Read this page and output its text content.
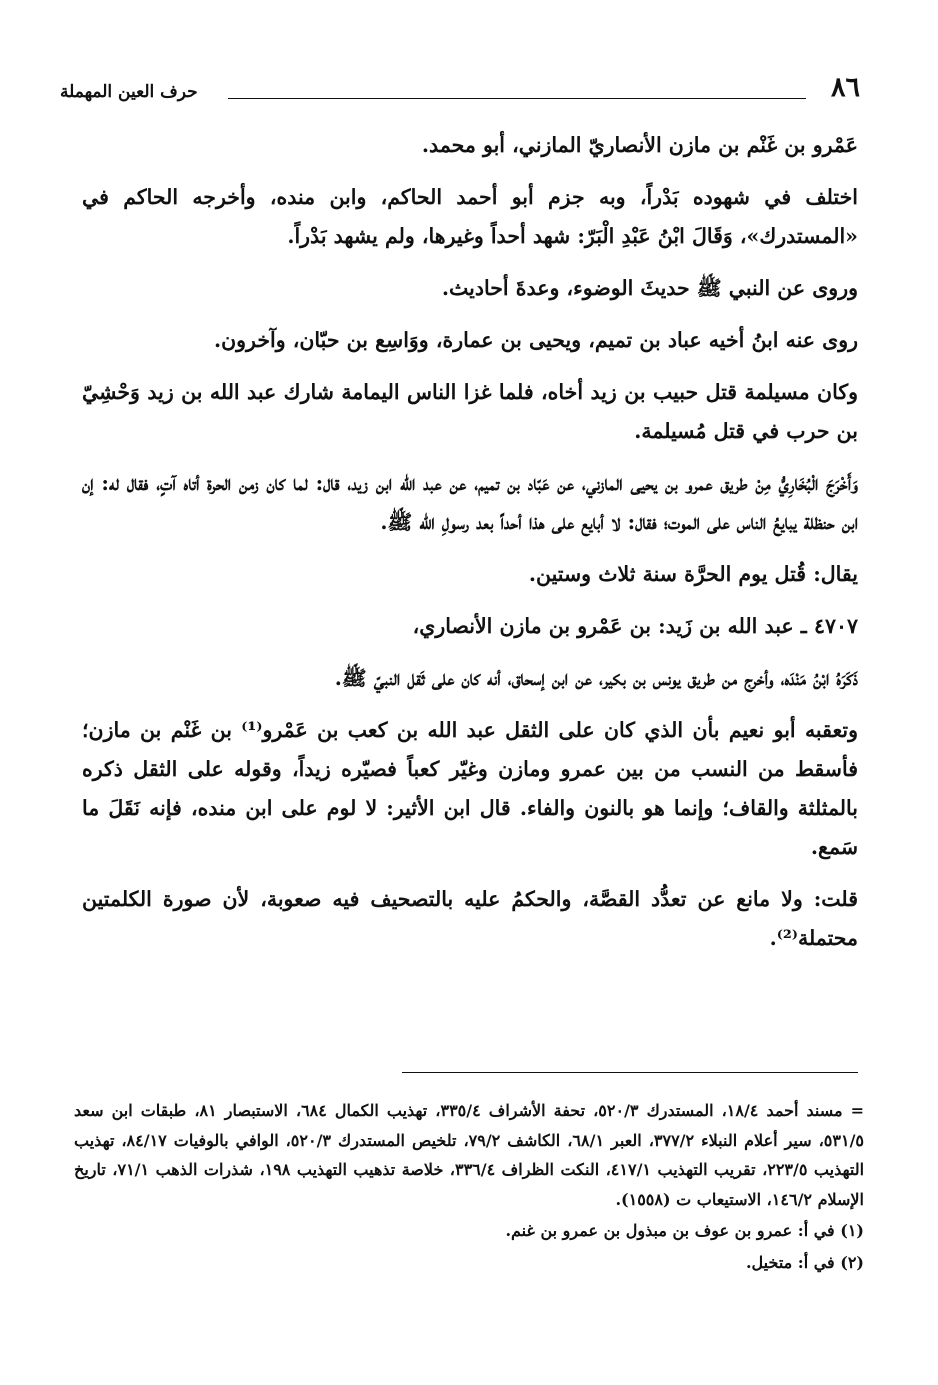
٨٦
حرف العين المهملة

عَمْرو بن غَنْم بن مازن الأنصاريّ المازني، أبو محمد.

اختلف في شهوده بَدْراً، وبه جزم أبو أحمد الحاكم، وابن منده، وأخرجه الحاكم في «المستدرك»، وَقَالَ ابْنُ عَبْدِ الْبَرّ: شهد أحداً وغيرها، ولم يشهد بَدْراً.

وروى عن النبي ﷺ حديثَ الوضوء، وعدةَ أحاديث.

روى عنه ابنُ أخيه عباد بن تميم، ويحيى بن عمارة، ووَاسِع بن حبّان، وآخرون.

وكان مسيلمة قتل حبيب بن زيد أخاه، فلما غزا الناس اليمامة شارك عبد الله بن زيد وَحْشِيّ بن حرب في قتل مُسيلمة.

وَأَخْرَجَ الْبُخَارِيُّ مِنْ طريق عمرو بن يحيى المازني، عن عَبّاد بن تميم، عن عبد الله ابن زيد، قال: لما كان زمن الحرة أتاه آتٍ، فقال له: إن ابن حنظلة يبايعُ الناس على الموت؛ فقال: لا أبايع على هذا أحداً بعد رسولِ الله ﷺ.

يقال: قُتل يوم الحرَّة سنة ثلاث وستين.

٤٧٠٧ ـ عبد الله بن زَيد: بن عَمْرو بن مازن الأنصاري،

ذَكَرَهُ ابْنُ مَنْدَه، وأخرج من طريق يونس بن بكير، عن ابن إسحاق، أنه كان على ثَقل النبيّ ﷺ.

وتعقبه أبو نعيم بأن الذي كان على الثقل عبد الله بن كعب بن عَمْرو⁽¹⁾ بن غَنْم بن مازن؛ فأسقط من النسب من بين عمرو ومازن وغيّر كعباً فصيّره زيداً، وقوله على الثقل ذكره بالمثلثة والقاف؛ وإنما هو بالنون والفاء. قال ابن الأثير: لا لوم على ابن منده، فإنه نَقَلَ ما سَمع.

قلت: ولا مانع عن تعدُّد القصَّة، والحكمُ عليه بالتصحيف فيه صعوبة، لأن صورة الكلمتين محتملة⁽²⁾.

= مسند أحمد ١٨/٤، المستدرك ٥٢٠/٣، تحفة الأشراف ٣٣٥/٤، تهذيب الكمال ٦٨٤، الاستبصار ٨١، طبقات ابن سعد ٥٣١/٥، سير أعلام النبلاء ٣٧٧/٢، العبر ٦٨/١، الكاشف ٧٩/٢، تلخيص المستدرك ٥٢٠/٣، الوافي بالوفيات ٨٤/١٧، تهذيب التهذيب ٢٢٣/٥، تقريب التهذيب ٤١٧/١، النكت الظراف ٣٣٦/٤، خلاصة تذهيب التهذيب ١٩٨، شذرات الذهب ٧١/١، تاريخ الإسلام ١٤٦/٢، الاستيعاب ت (١٥٥٨).

(١) في أ: عمرو بن عوف بن مبذول بن عمرو بن غنم.

(٢) في أ: متخيل.
